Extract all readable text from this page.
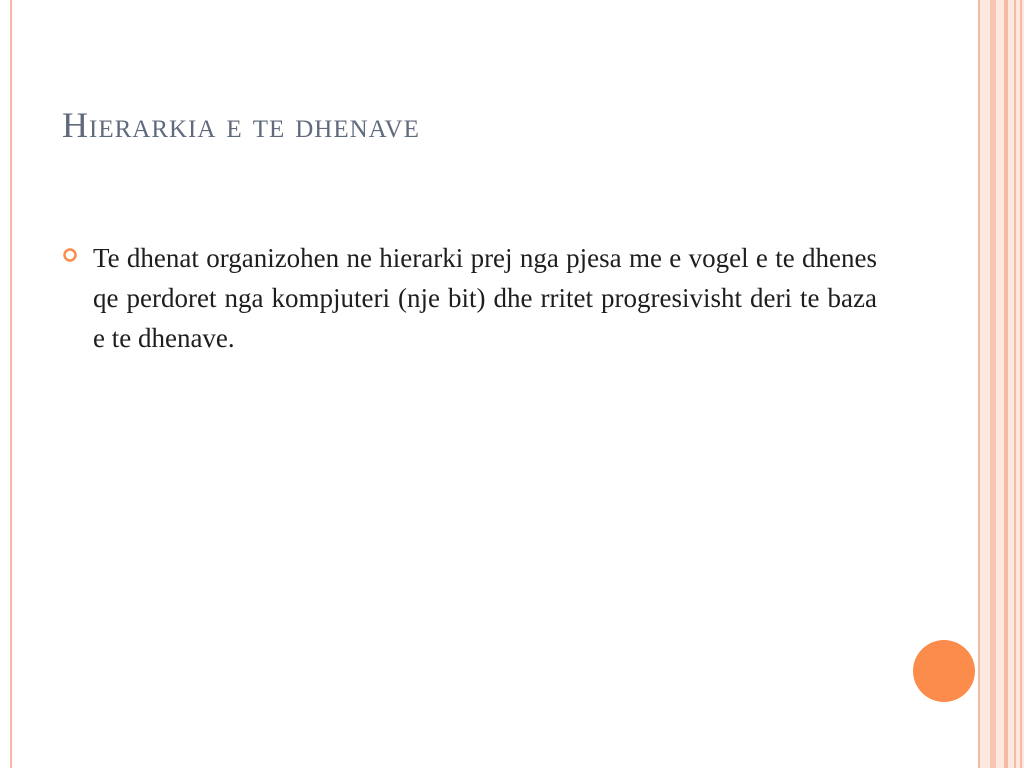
Hierarkia e te dhenave
Te dhenat organizohen ne hierarki prej nga pjesa me e vogel e te dhenes qe perdoret nga kompjuteri (nje bit) dhe rritet progresivisht deri te baza e te dhenave.
